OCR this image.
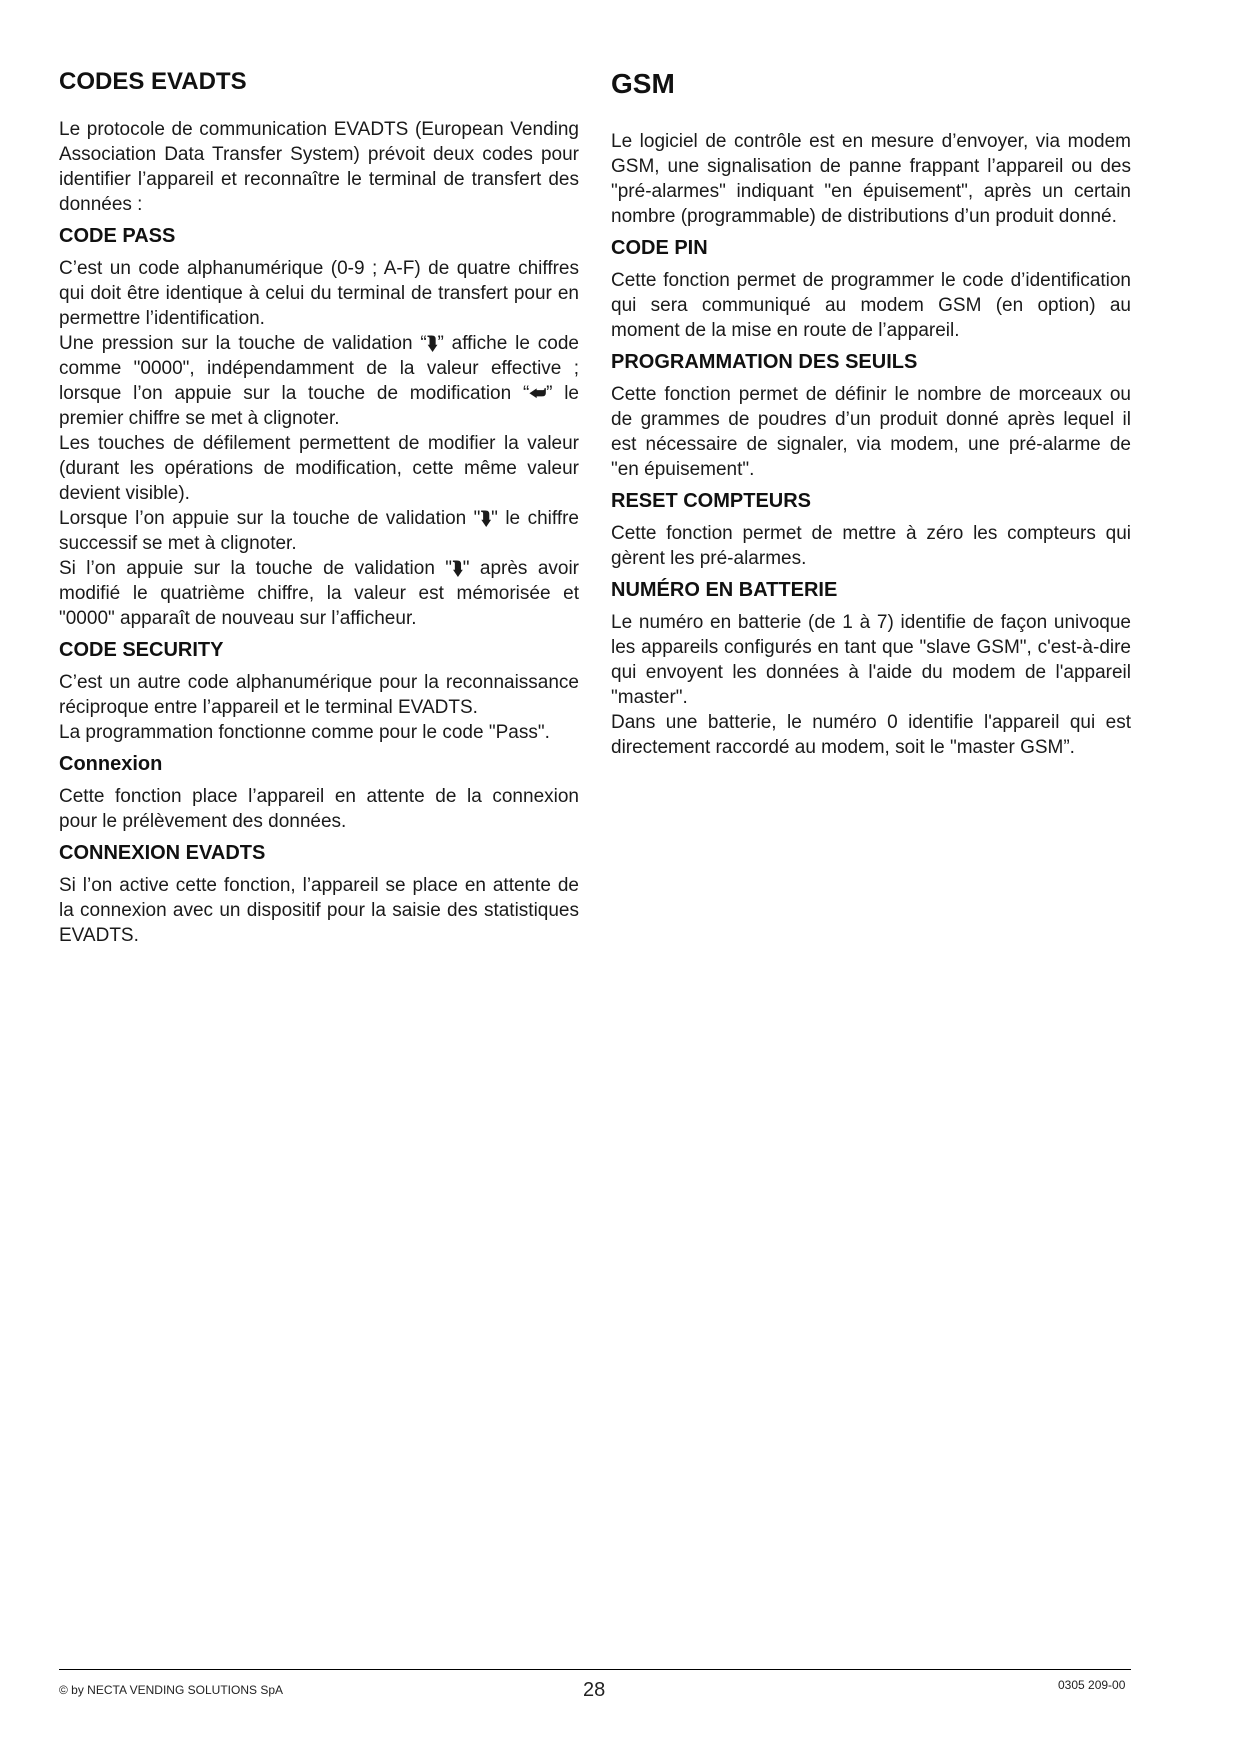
CODES EVADTS

Le protocole de communication EVADTS (European Vending Association Data Transfer System) prévoit deux codes pour identifier l’appareil et reconnaître le terminal de transfert des données :

CODE PASS

C’est un code alphanumérique (0-9 ; A-F) de quatre chiffres qui doit être identique à celui du terminal de transfert pour en permettre l’identification.

Une pression sur la touche de validation “⮯” affiche le code comme "0000", indépendamment de la valeur effective ; lorsque l’on appuie sur la touche de modification “⮨” le premier chiffre se met à clignoter.

Les touches de défilement permettent de modifier la valeur (durant les opérations de modification, cette même valeur devient visible).

Lorsque l’on appuie sur la touche de validation "⮯" le chiffre successif se met à clignoter.

Si l’on appuie sur la touche de validation "⮯" après avoir modifié le quatrième chiffre, la valeur est mémorisée et "0000" apparaît de nouveau sur l’afficheur.

CODE SECURITY

C’est un autre code alphanumérique pour la reconnaissance réciproque entre l’appareil et le terminal EVADTS.

La programmation fonctionne comme pour le code "Pass".

Connexion

Cette fonction place l’appareil en attente de la connexion pour le prélèvement des données.

CONNEXION EVADTS

Si l’on active cette fonction, l’appareil se place en attente de la connexion avec un dispositif pour la saisie des statistiques EVADTS.

GSM

Le logiciel de contrôle est en mesure d’envoyer, via modem GSM, une signalisation de panne frappant l’appareil ou des "pré-alarmes" indiquant "en épuisement", après un certain nombre (programmable) de distributions d’un produit donné.

CODE PIN

Cette fonction permet de programmer le code d’identification qui sera communiqué au modem GSM (en option) au moment de la mise en route de l’appareil.

PROGRAMMATION DES SEUILS

Cette fonction permet de définir le nombre de morceaux ou de grammes de poudres d’un produit donné après lequel il est nécessaire de signaler, via modem, une pré-alarme de "en épuisement".

RESET COMPTEURS

Cette fonction permet de mettre à zéro les compteurs qui gèrent les pré-alarmes.

NUMÉRO EN BATTERIE

Le numéro en batterie (de 1 à 7) identifie de façon univoque les appareils configurés en tant que "slave GSM", c'est-à-dire qui envoyent les données à l'aide du modem de l'appareil "master".

Dans une batterie, le numéro 0 identifie l'appareil qui est directement raccordé au modem, soit le "master GSM”.

© by NECTA VENDING SOLUTIONS SpA	28	0305 209-00
